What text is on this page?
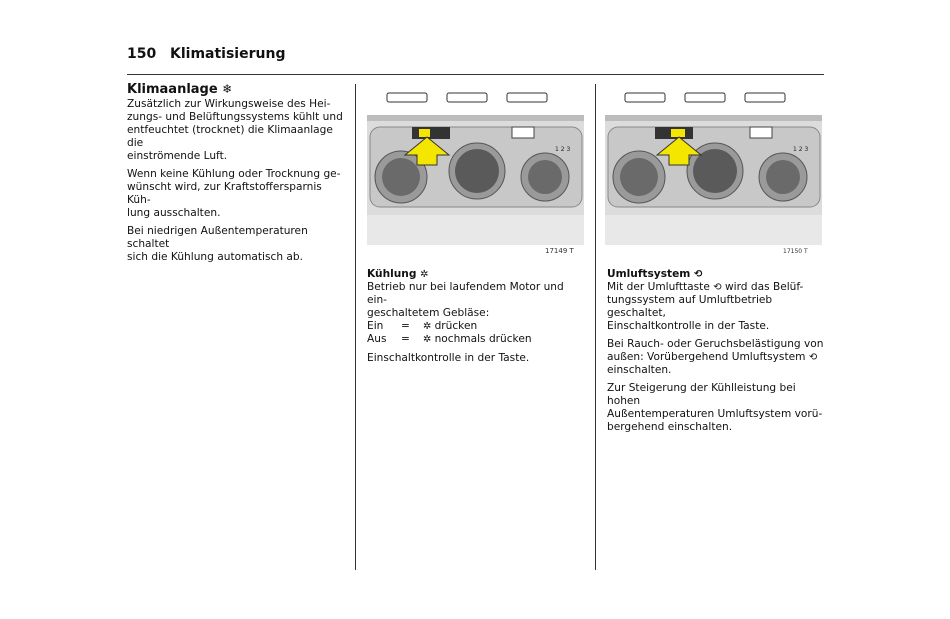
150 Klimatisierung
Klimaanlage ❄

Zusätzlich zur Wirkungsweise des Hei-
zungs- und Belüftungssystems kühlt und
entfeuchtet (trocknet) die Klimaanlage die
einströmende Luft.

Wenn keine Kühlung oder Trocknung ge-
wünscht wird, zur Kraftstoffersparnis Küh-
lung ausschalten.

Bei niedrigen Außentemperaturen schaltet
sich die Kühlung automatisch ab.

1 2 3
17149 T
1 2 3
17150 T
Kühlung ✲

Betrieb nur bei laufendem Motor und ein-
geschaltetem Gebläse:

Ein	=	✲ drücken
Aus	=	✲ nochmals drücken

Einschaltkontrolle in der Taste.

Umluftsystem ⟲

Mit der Umlufttaste ⟲ wird das Belüf-
tungssystem auf Umluftbetrieb geschaltet,
Einschaltkontrolle in der Taste.

Bei Rauch- oder Geruchsbelästigung von
außen: Vorübergehend Umluftsystem ⟲
einschalten.

Zur Steigerung der Kühlleistung bei hohen
Außentemperaturen Umluftsystem vorü-
bergehend einschalten.
